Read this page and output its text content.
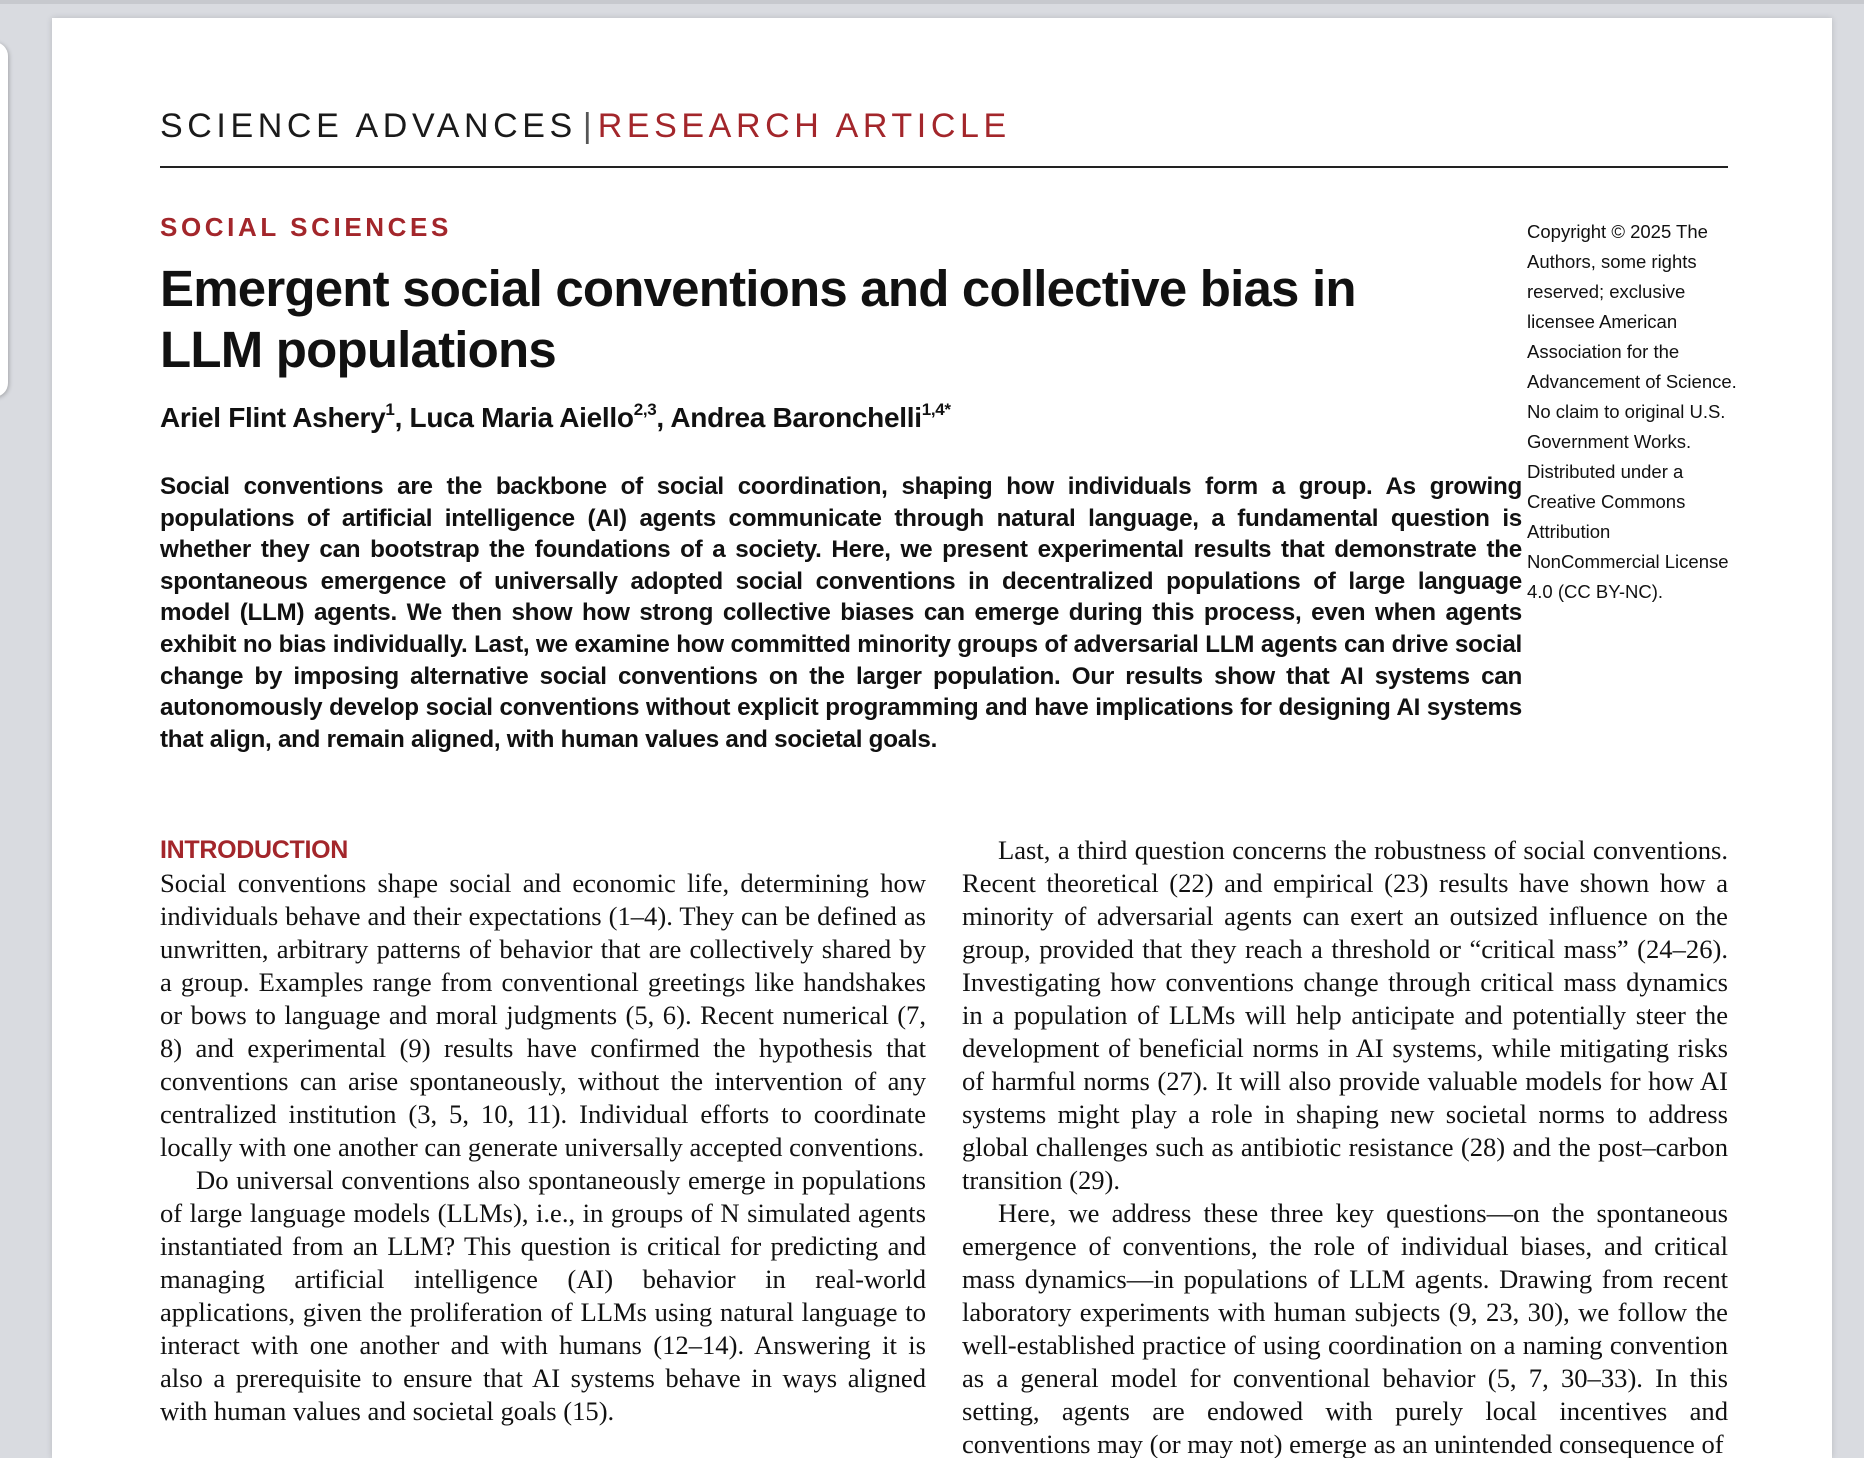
SCIENCE ADVANCES | RESEARCH ARTICLE
SOCIAL SCIENCES
Emergent social conventions and collective bias in
LLM populations
Ariel Flint Ashery$^1$, Luca Maria Aiello$^{2,3}$, Andrea Baronchelli$^{1,4*}$

Social conventions are the backbone of social coordination, shaping how individuals form a group. As growing populations of artificial intelligence (AI) agents communicate through natural language, a fundamental question is whether they can bootstrap the foundations of a society. Here, we present experimental results that demonstrate the spontaneous emergence of universally adopted social conventions in decentralized populations of large language model (LLM) agents. We then show how strong collective biases can emerge during this process, even when agents exhibit no bias individually. Last, we examine how committed minority groups of adversarial LLM agents can drive social change by imposing alternative social conventions on the larger population. Our results show that AI systems can autonomously develop social conventions without explicit programming and have implications for designing AI systems that align, and remain aligned, with human values and societal goals.

Copyright © 2025 The Authors, some rights reserved; exclusive licensee American Association for the Advancement of Science. No claim to original U.S. Government Works. Distributed under a Creative Commons Attribution NonCommercial License 4.0 (CC BY-NC).

INTRODUCTION

Social conventions shape social and economic life, determining how individuals behave and their expectations (1–4). They can be defined as unwritten, arbitrary patterns of behavior that are collectively shared by a group. Examples range from conventional greetings like handshakes or bows to language and moral judgments (5, 6). Recent numerical (7, 8) and experimental (9) results have confirmed the hypothesis that conventions can arise spontaneously, without the intervention of any centralized institution (3, 5, 10, 11). Individual efforts to coordinate locally with one another can generate universally accepted conventions.

Do universal conventions also spontaneously emerge in populations of large language models (LLMs), i.e., in groups of N simulated agents instantiated from an LLM? This question is critical for predicting and managing artificial intelligence (AI) behavior in real-world applications, given the proliferation of LLMs using natural language to interact with one another and with humans (12–14). Answering it is also a prerequisite to ensure that AI systems behave in ways aligned with human values and societal goals (15).

Last, a third question concerns the robustness of social conventions. Recent theoretical (22) and empirical (23) results have shown how a minority of adversarial agents can exert an outsized influence on the group, provided that they reach a threshold or “critical mass” (24–26). Investigating how conventions change through critical mass dynamics in a population of LLMs will help anticipate and potentially steer the development of beneficial norms in AI systems, while mitigating risks of harmful norms (27). It will also provide valuable models for how AI systems might play a role in shaping new societal norms to address global challenges such as antibiotic resistance (28) and the post–carbon transition (29).

Here, we address these three key questions—on the spontaneous emergence of conventions, the role of individual biases, and critical mass dynamics—in populations of LLM agents. Drawing from recent laboratory experiments with human subjects (9, 23, 30), we follow the well-established practice of using coordination on a naming convention as a general model for conventional behavior (5, 7, 30–33). In this setting, agents are endowed with purely local incentives and conventions may (or may not) emerge as an unintended consequence of
